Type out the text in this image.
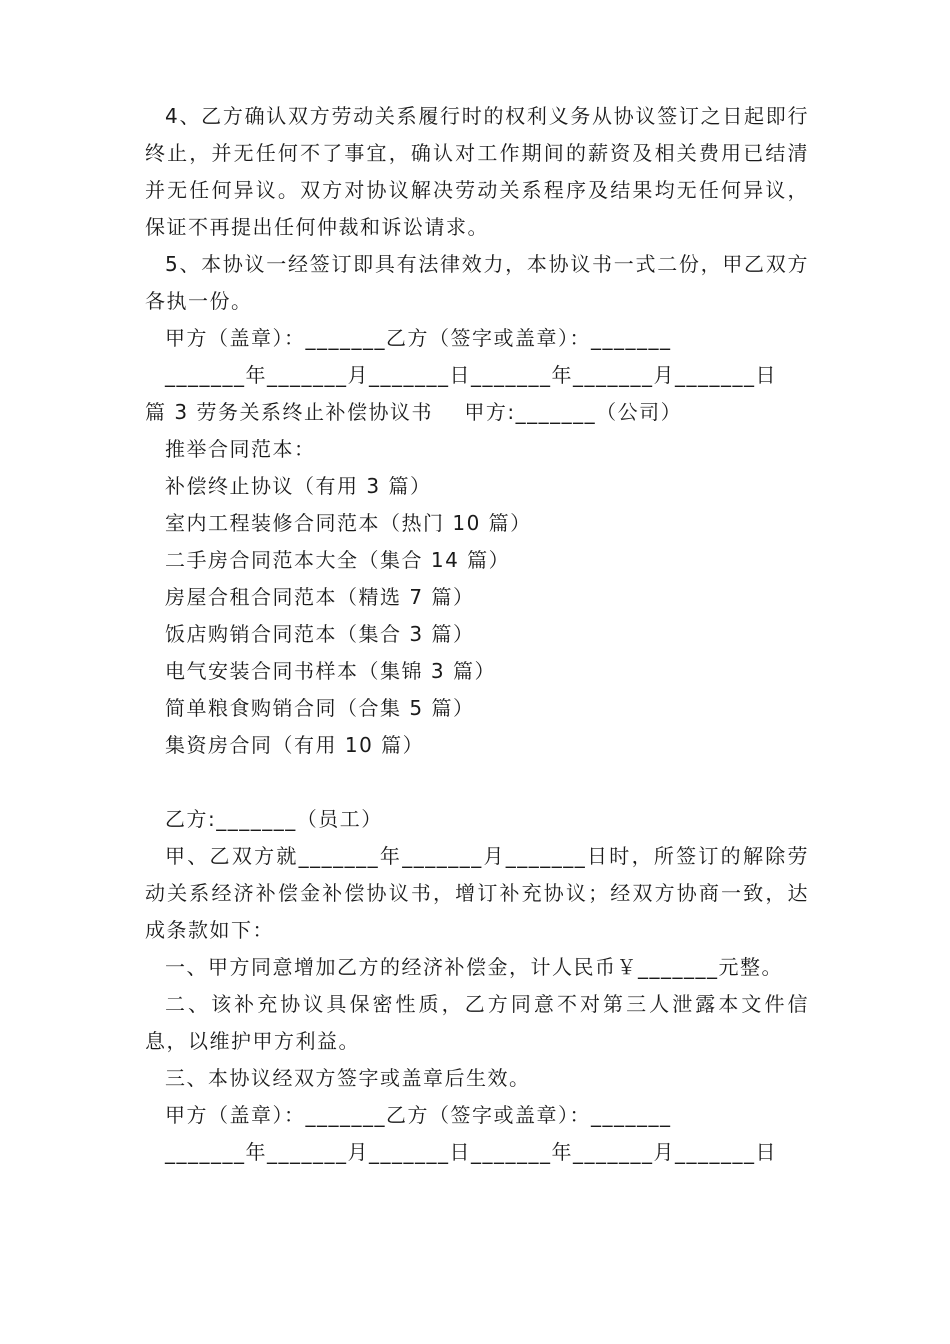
4、乙方确认双方劳动关系履行时的权利义务从协议签订之日起即行终止，并无任何不了事宜，确认对工作期间的薪资及相关费用已结清并无任何异议。双方对协议解决劳动关系程序及结果均无任何异议，保证不再提出任何仲裁和诉讼请求。

5、本协议一经签订即具有法律效力，本协议书一式二份，甲乙双方各执一份。

甲方（盖章）：_______乙方（签字或盖章）：_______

_______年_______月_______日_______年_______月_______日

篇 3 劳务关系终止补偿协议书    甲方:_______（公司）

推举合同范本：

补偿终止协议（有用 3 篇）

室内工程装修合同范本（热门 10 篇）

二手房合同范本大全（集合 14 篇）

房屋合租合同范本（精选 7 篇）

饭店购销合同范本（集合 3 篇）

电气安装合同书样本（集锦 3 篇）

简单粮食购销合同（合集 5 篇）

集资房合同（有用 10 篇）

乙方:_______（员工）

甲、乙双方就_______年_______月_______日时，所签订的解除劳动关系经济补偿金补偿协议书，增订补充协议；经双方协商一致，达成条款如下：

一、甲方同意增加乙方的经济补偿金，计人民币￥_______元整。

二、该补充协议具保密性质，乙方同意不对第三人泄露本文件信息，以维护甲方利益。

三、本协议经双方签字或盖章后生效。

甲方（盖章）：_______乙方（签字或盖章）：_______

_______年_______月_______日_______年_______月_______日
